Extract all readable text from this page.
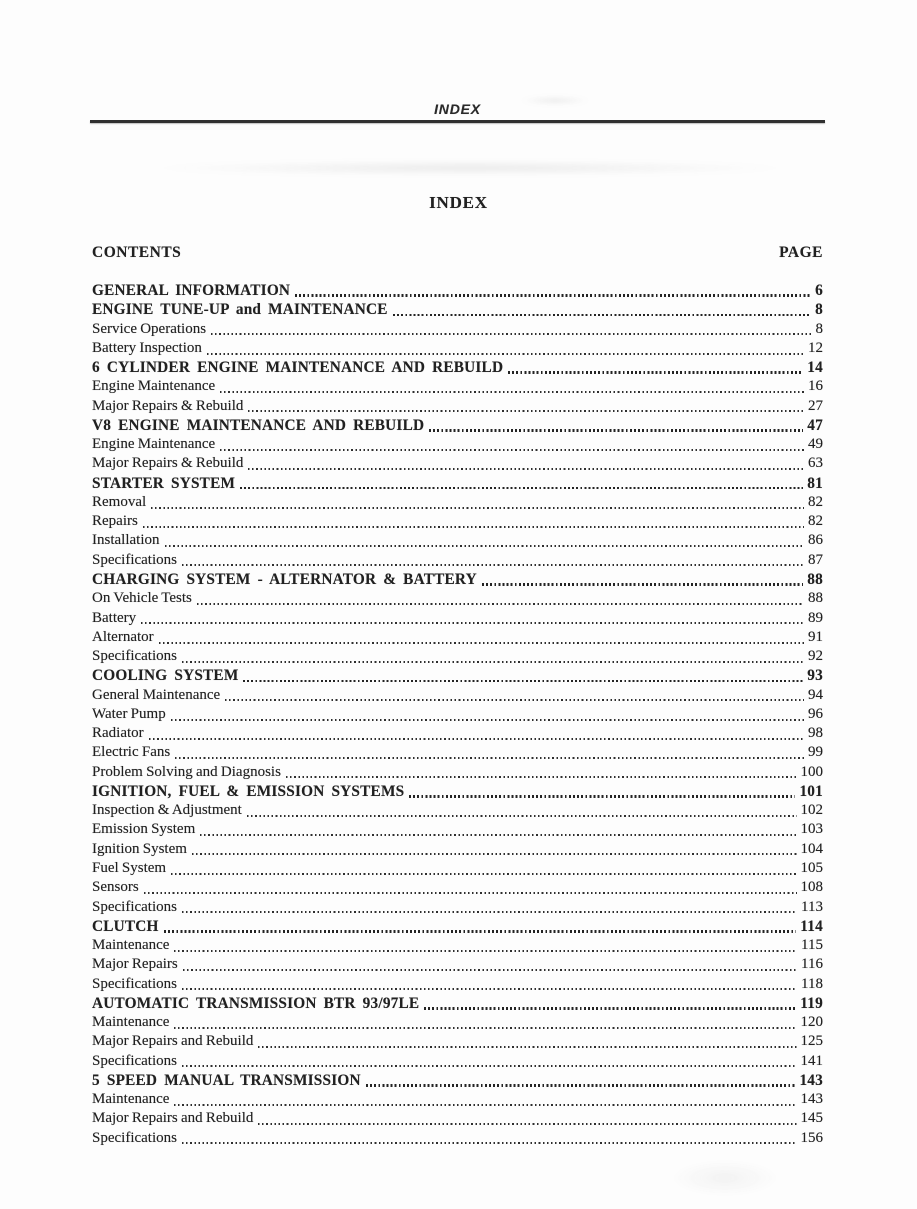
INDEX
INDEX
CONTENTS	PAGE
GENERAL INFORMATION	6
ENGINE TUNE-UP and MAINTENANCE	8
Service Operations	8
Battery Inspection	12
6 CYLINDER ENGINE MAINTENANCE AND REBUILD	14
Engine Maintenance	16
Major Repairs & Rebuild	27
V8 ENGINE MAINTENANCE AND REBUILD	47
Engine Maintenance	49
Major Repairs & Rebuild	63
STARTER SYSTEM	81
Removal	82
Repairs	82
Installation	86
Specifications	87
CHARGING SYSTEM - ALTERNATOR & BATTERY	88
On Vehicle Tests	88
Battery	89
Alternator	91
Specifications	92
COOLING SYSTEM	93
General Maintenance	94
Water Pump	96
Radiator	98
Electric Fans	99
Problem Solving and Diagnosis	100
IGNITION, FUEL & EMISSION SYSTEMS	101
Inspection & Adjustment	102
Emission System	103
Ignition System	104
Fuel System	105
Sensors	108
Specifications	113
CLUTCH	114
Maintenance	115
Major Repairs	116
Specifications	118
AUTOMATIC TRANSMISSION BTR 93/97LE	119
Maintenance	120
Major Repairs and Rebuild	125
Specifications	141
5 SPEED MANUAL TRANSMISSION	143
Maintenance	143
Major Repairs and Rebuild	145
Specifications	156
